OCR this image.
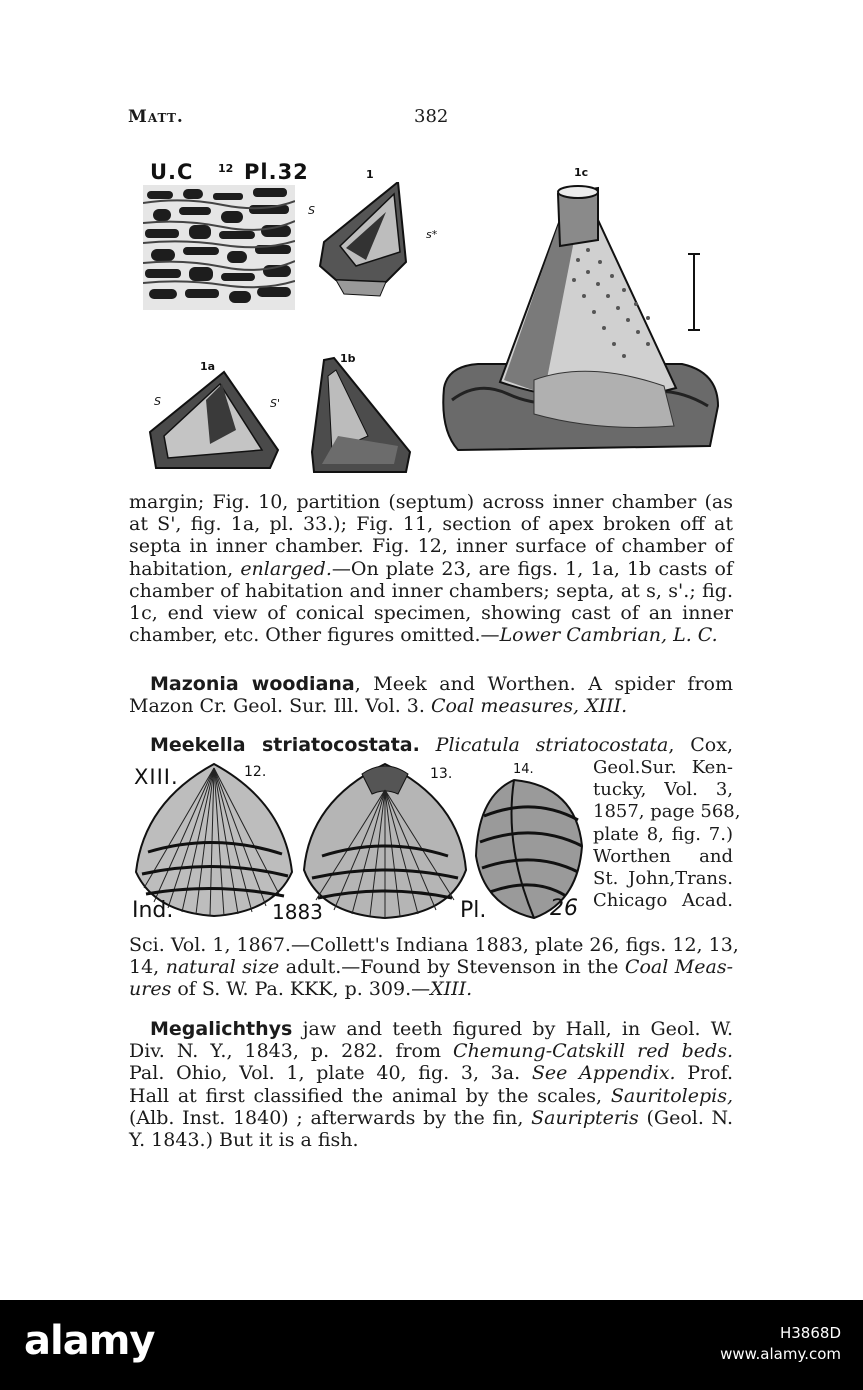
Matt.	382
U.C 12 Pl.32	1
S
s*
1c
1a
S	S'
1b
margin; Fig. 10, partition (septum) across inner chamber (as
at S', fig. 1a, pl. 33.); Fig. 11, section of apex broken off at
septa in inner chamber. Fig. 12, inner surface of chamber of
habitation, enlarged.—On plate 23, are figs. 1, 1a, 1b casts of
chamber of habitation and inner chambers; septa, at s, s'.; fig.
1c, end view of conical specimen, showing cast of an inner
chamber, etc. Other figures omitted.—Lower Cambrian, L. C.
Mazonia woodiana, Meek and Worthen. A spider from
Mazon Cr. Geol. Sur. Ill. Vol. 3. Coal measures, XIII.
Meekella striatocostata. Plicatula striatocostata, Cox,
XIII.	12.	13.	14.
Ind.	1883	Pl.	26
Geol.Sur. Ken-
tucky, Vol. 3,
1857, page 568,
plate 8, fig. 7.)
Worthen and
St. John,Trans.
Chicago Acad.
Sci. Vol. 1, 1867.—Collett's Indiana 1883, plate 26, figs. 12, 13,
14, natural size adult.—Found by Stevenson in the Coal Meas-
ures of S. W. Pa. KKK, p. 309.—XIII.
Megalichthys jaw and teeth figured by Hall, in Geol. W.
Div. N. Y., 1843, p. 282. from Chemung-Catskill red beds.
Pal. Ohio, Vol. 1, plate 40, fig. 3, 3a. See Appendix. Prof.
Hall at first classified the animal by the scales, Sauritolepis,
(Alb. Inst. 1840) ; afterwards by the fin, Sauripteris (Geol. N.
Y. 1843.) But it is a fish.
alamy	H3868D
www.alamy.com
